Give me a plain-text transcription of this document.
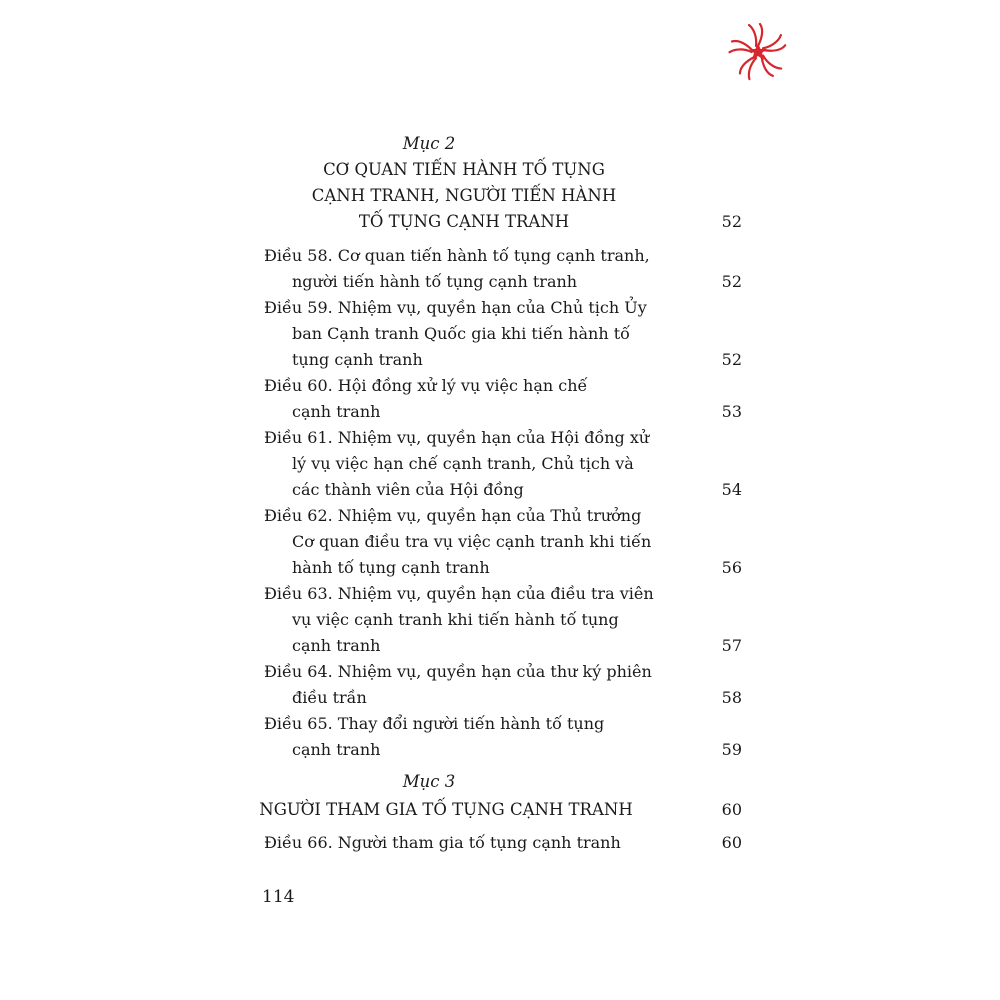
Mục 2
CƠ QUAN TIẾN HÀNH TỐ TỤNG
CẠNH TRANH, NGƯỜI TIẾN HÀNH
TỐ TỤNG CẠNH TRANH	52
Điều 58. Cơ quan tiến hành tố tụng cạnh tranh,
người tiến hành tố tụng cạnh tranh	52
Điều 59. Nhiệm vụ, quyền hạn của Chủ tịch Ủy
ban Cạnh tranh Quốc gia khi tiến hành tố
tụng cạnh tranh	52
Điều 60. Hội đồng xử lý vụ việc hạn chế
cạnh tranh	53
Điều 61. Nhiệm vụ, quyền hạn của Hội đồng xử
lý vụ việc hạn chế cạnh tranh, Chủ tịch và
các thành viên của Hội đồng	54
Điều 62. Nhiệm vụ, quyền hạn của Thủ trưởng
Cơ quan điều tra vụ việc cạnh tranh khi tiến
hành tố tụng cạnh tranh	56
Điều 63. Nhiệm vụ, quyền hạn của điều tra viên
vụ việc cạnh tranh khi tiến hành tố tụng
cạnh tranh	57
Điều 64. Nhiệm vụ, quyền hạn của thư ký phiên
điều trần	58
Điều 65. Thay đổi người tiến hành tố tụng
cạnh tranh	59
Mục 3
NGƯỜI THAM GIA TỐ TỤNG CẠNH TRANH	60
Điều 66. Người tham gia tố tụng cạnh tranh	60
114
